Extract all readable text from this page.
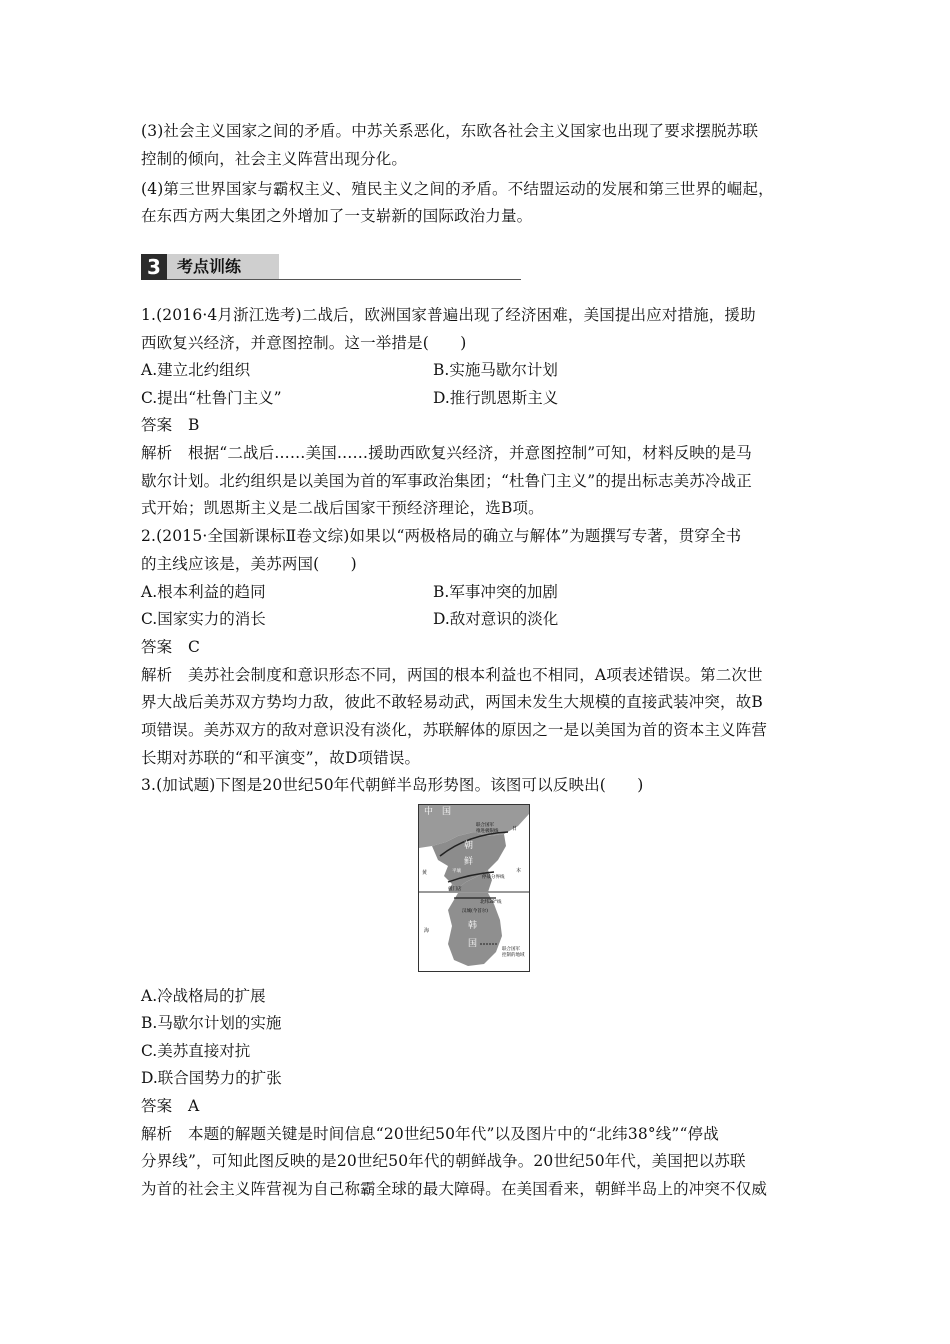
(3)社会主义国家之间的矛盾。中苏关系恶化，东欧各社会主义国家也出现了要求摆脱苏联
控制的倾向，社会主义阵营出现分化。
(4)第三世界国家与霸权主义、殖民主义之间的矛盾。不结盟运动的发展和第三世界的崛起，
在东西方两大集团之外增加了一支崭新的国际政治力量。
3	考点训练
1.(2016·4月浙江选考)二战后，欧洲国家普遍出现了经济困难，美国提出应对措施，援助
西欧复兴经济，并意图控制。这一举措是(　　)
A.建立北约组织	B.实施马歇尔计划
C.提出“杜鲁门主义”	D.推行凯恩斯主义
答案　B
解析　根据“二战后……美国……援助西欧复兴经济，并意图控制”可知，材料反映的是马
歇尔计划。北约组织是以美国为首的军事政治集团；“杜鲁门主义”的提出标志美苏冷战正
式开始；凯恩斯主义是二战后国家干预经济理论，选B项。
2.(2015·全国新课标Ⅱ卷文综)如果以“两极格局的确立与解体”为题撰写专著，贯穿全书
的主线应该是，美苏两国(　　)
A.根本利益的趋同	B.军事冲突的加剧
C.国家实力的消长	D.敌对意识的淡化
答案　C
解析　美苏社会制度和意识形态不同，两国的根本利益也不相同，A项表述错误。第二次世
界大战后美苏双方势均力敌，彼此不敢轻易动武，两国未发生大规模的直接武装冲突，故B
项错误。美苏双方的敌对意识没有淡化，苏联解体的原因之一是以美国为首的资本主义阵营
长期对苏联的“和平演变”，故D项错误。
3.(加试题)下图是20世纪50年代朝鲜半岛形势图。该图可以反映出(　　)
中　国
日
联合国军
推进极限线
朝
鲜
本
平壤
停战分界线
黄
板门店
北纬38°线
汉城(今首尔)
海	韩
国
联合国军
控制的地域
A.冷战格局的扩展
B.马歇尔计划的实施
C.美苏直接对抗
D.联合国势力的扩张
答案　A
解析　本题的解题关键是时间信息“20世纪50年代”以及图片中的“北纬38°线”“停战
分界线”，可知此图反映的是20世纪50年代的朝鲜战争。20世纪50年代，美国把以苏联
为首的社会主义阵营视为自己称霸全球的最大障碍。在美国看来，朝鲜半岛上的冲突不仅威
